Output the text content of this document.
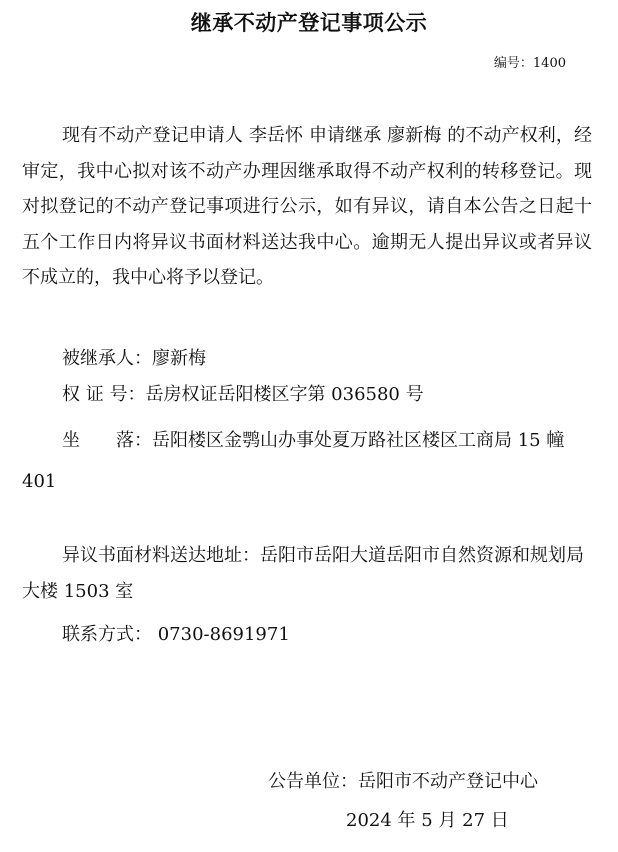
继承不动产登记事项公示
编号：1400

现有不动产登记申请人 李岳怀 申请继承 廖新梅 的不动产权利，经审定，我中心拟对该不动产办理因继承取得不动产权利的转移登记。现对拟登记的不动产登记事项进行公示，如有异议，请自本公告之日起十五个工作日内将异议书面材料送达我中心。逾期无人提出异议或者异议不成立的，我中心将予以登记。

被继承人：廖新梅

权 证 号：岳房权证岳阳楼区字第 036580 号

坐　　落：岳阳楼区金鹗山办事处夏万路社区楼区工商局 15 幢 401

异议书面材料送达地址：岳阳市岳阳大道岳阳市自然资源和规划局大楼 1503 室

联系方式： 0730-8691971

公告单位：岳阳市不动产登记中心
2024 年 5 月 27 日
